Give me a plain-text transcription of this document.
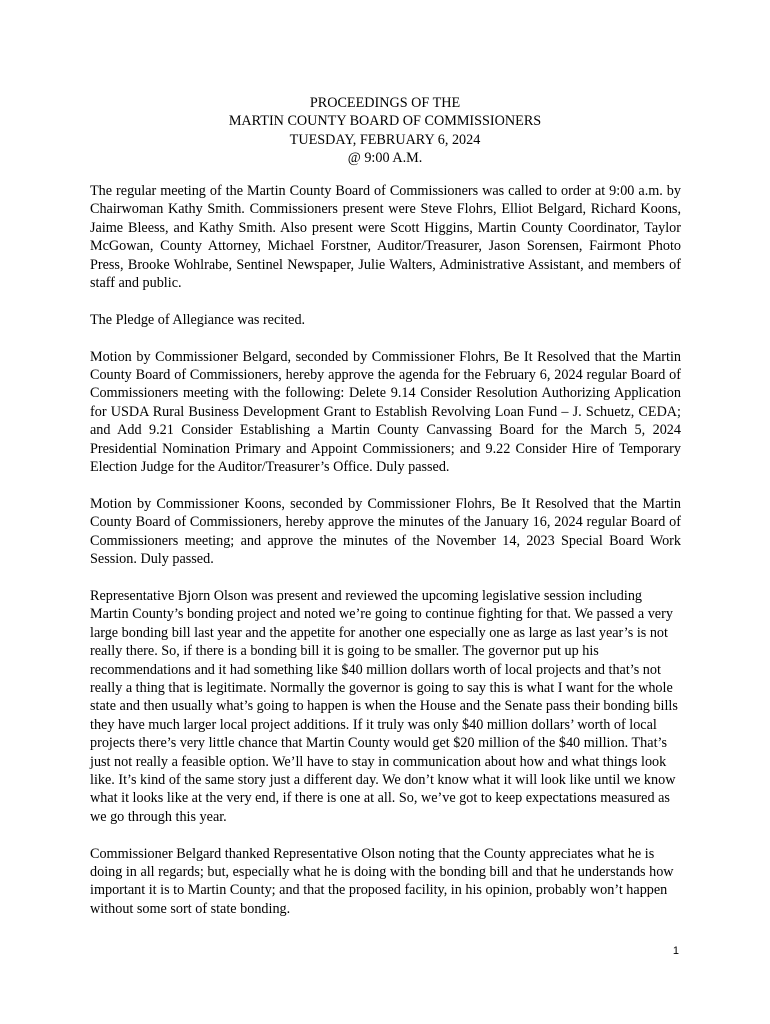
PROCEEDINGS OF THE
MARTIN COUNTY BOARD OF COMMISSIONERS
TUESDAY, FEBRUARY 6, 2024
@ 9:00 A.M.

The regular meeting of the Martin County Board of Commissioners was called to order at 9:00 a.m. by Chairwoman Kathy Smith. Commissioners present were Steve Flohrs, Elliot Belgard, Richard Koons, Jaime Bleess, and Kathy Smith. Also present were Scott Higgins, Martin County Coordinator, Taylor McGowan, County Attorney, Michael Forstner, Auditor/Treasurer, Jason Sorensen, Fairmont Photo Press, Brooke Wohlrabe, Sentinel Newspaper, Julie Walters, Administrative Assistant, and members of staff and public.

The Pledge of Allegiance was recited.

Motion by Commissioner Belgard, seconded by Commissioner Flohrs, Be It Resolved that the Martin County Board of Commissioners, hereby approve the agenda for the February 6, 2024 regular Board of Commissioners meeting with the following: Delete 9.14 Consider Resolution Authorizing Application for USDA Rural Business Development Grant to Establish Revolving Loan Fund – J. Schuetz, CEDA; and Add 9.21 Consider Establishing a Martin County Canvassing Board for the March 5, 2024 Presidential Nomination Primary and Appoint Commissioners; and 9.22 Consider Hire of Temporary Election Judge for the Auditor/Treasurer’s Office. Duly passed.

Motion by Commissioner Koons, seconded by Commissioner Flohrs, Be It Resolved that the Martin County Board of Commissioners, hereby approve the minutes of the January 16, 2024 regular Board of Commissioners meeting; and approve the minutes of the November 14, 2023 Special Board Work Session. Duly passed.

Representative Bjorn Olson was present and reviewed the upcoming legislative session including Martin County’s bonding project and noted we’re going to continue fighting for that. We passed a very large bonding bill last year and the appetite for another one especially one as large as last year’s is not really there. So, if there is a bonding bill it is going to be smaller. The governor put up his recommendations and it had something like $40 million dollars worth of local projects and that’s not really a thing that is legitimate. Normally the governor is going to say this is what I want for the whole state and then usually what’s going to happen is when the House and the Senate pass their bonding bills they have much larger local project additions. If it truly was only $40 million dollars’ worth of local projects there’s very little chance that Martin County would get $20 million of the $40 million. That’s just not really a feasible option. We’ll have to stay in communication about how and what things look like. It’s kind of the same story just a different day. We don’t know what it will look like until we know what it looks like at the very end, if there is one at all. So, we’ve got to keep expectations measured as we go through this year.

Commissioner Belgard thanked Representative Olson noting that the County appreciates what he is doing in all regards; but, especially what he is doing with the bonding bill and that he understands how important it is to Martin County; and that the proposed facility, in his opinion, probably won’t happen without some sort of state bonding.

1
